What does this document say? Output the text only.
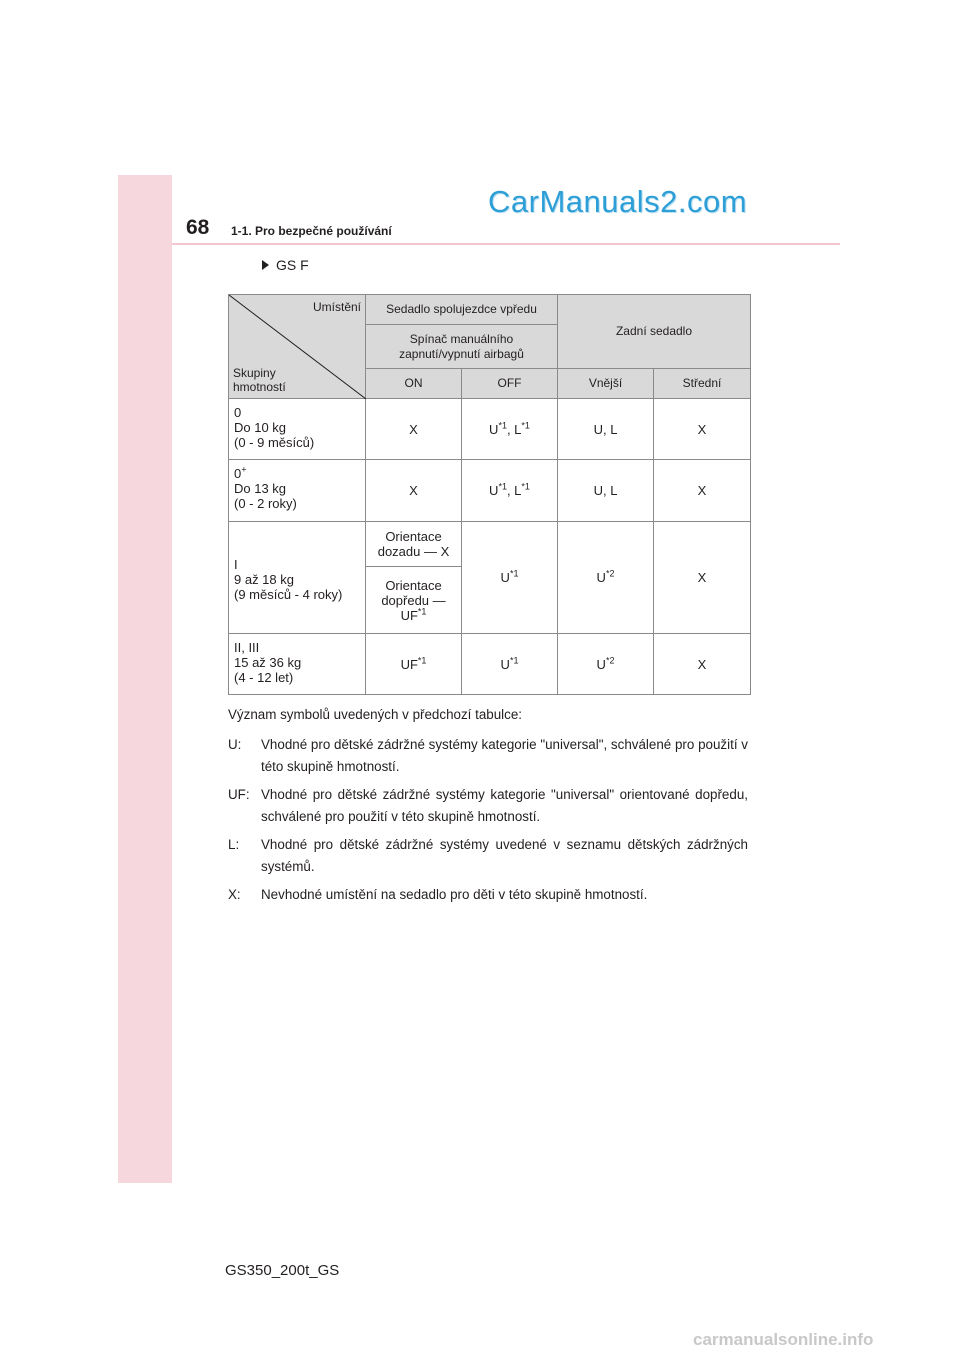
68 1-1. Pro bezpečné používání
CarManuals2.com
GS F
Umístění
Skupiny
hmotností	Sedadlo spolujezdce vpředu		Zadní sedadlo	
	Spínač manuálního zapnutí/vypnutí airbagů			
	ON	OFF	Vnější	Střední
0
Do 10 kg
(0 - 9 měsíců)	X	$U^{*1}$, $L^{*1}$	U, L	X
0+
Do 13 kg
(0 - 2 roky)	X	$U^{*1}$, $L^{*1}$	U, L	X
I
9 až 18 kg
(9 měsíců - 4 roky)	Orientace dozadu — X	$U^{*1}$	$U^{*2}$	X
	Orientace dopředu — UF$^{*1}$
II, III
15 až 36 kg
(4 - 12 let)	UF$^{*1}$	$U^{*1}$	$U^{*2}$	X
Význam symbolů uvedených v předchozí tabulce:
U:	Vhodné pro dětské zádržné systémy kategorie "universal", schválené pro použití v této skupině hmotností.
UF: Vhodné pro dětské zádržné systémy kategorie "universal" orientované dopředu, schválené pro použití v této skupině hmotností.
L:	Vhodné pro dětské zádržné systémy uvedené v seznamu dětských zádržných systémů.
X:	Nevhodné umístění na sedadlo pro děti v této skupině hmotností.
GS350_200t_GS
carmanualsonline.info
